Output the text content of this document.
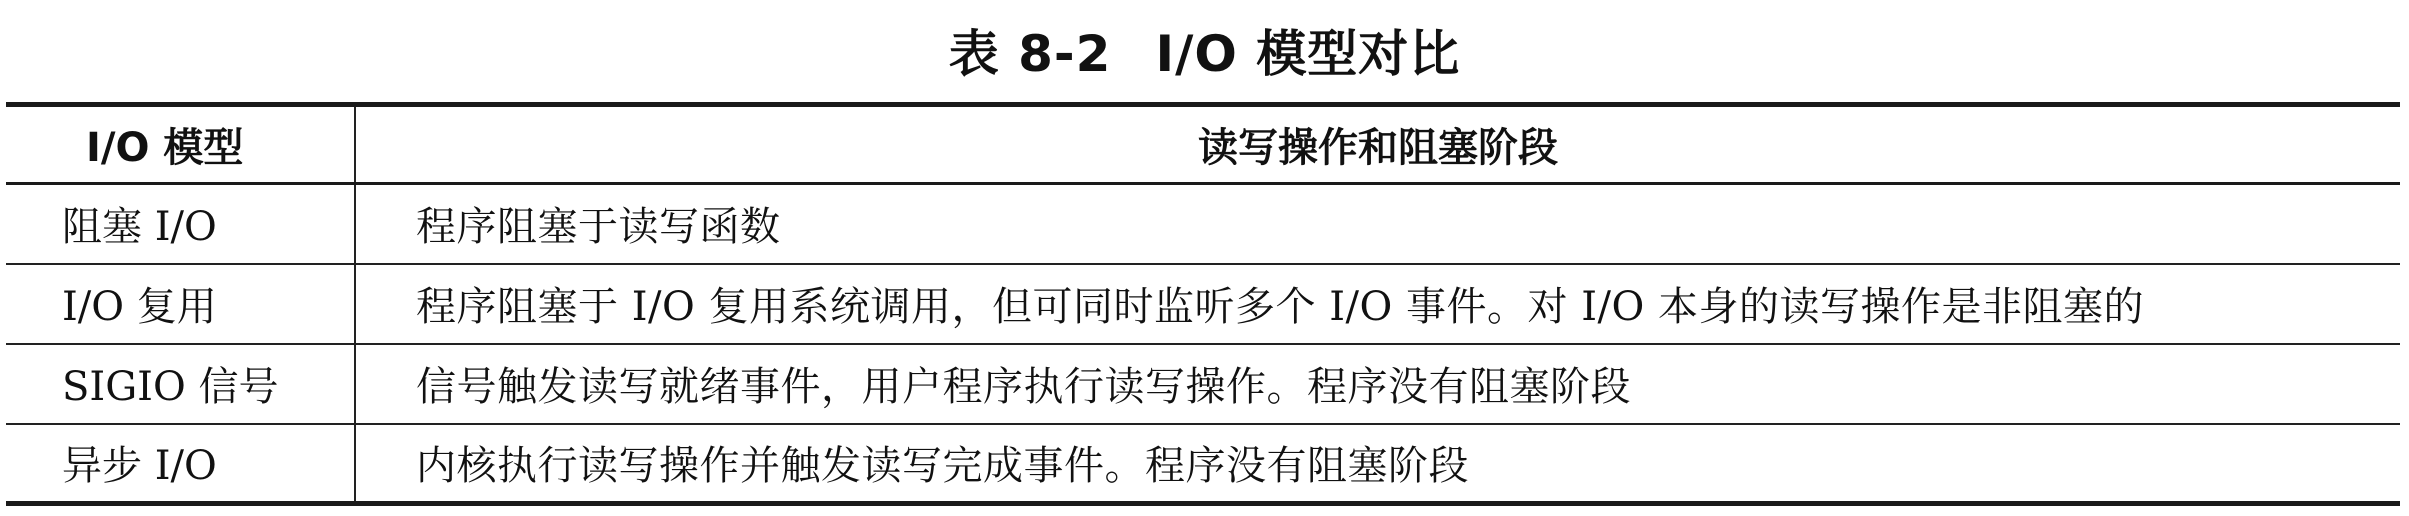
表 8-2 I/O 模型对比
I/O 模型	读写操作和阻塞阶段
阻塞 I/O	程序阻塞于读写函数
I/O 复用	程序阻塞于 I/O 复用系统调用，但可同时监听多个 I/O 事件。对 I/O 本身的读写操作是非阻塞的
SIGIO 信号	信号触发读写就绪事件，用户程序执行读写操作。程序没有阻塞阶段
异步 I/O	内核执行读写操作并触发读写完成事件。程序没有阻塞阶段
